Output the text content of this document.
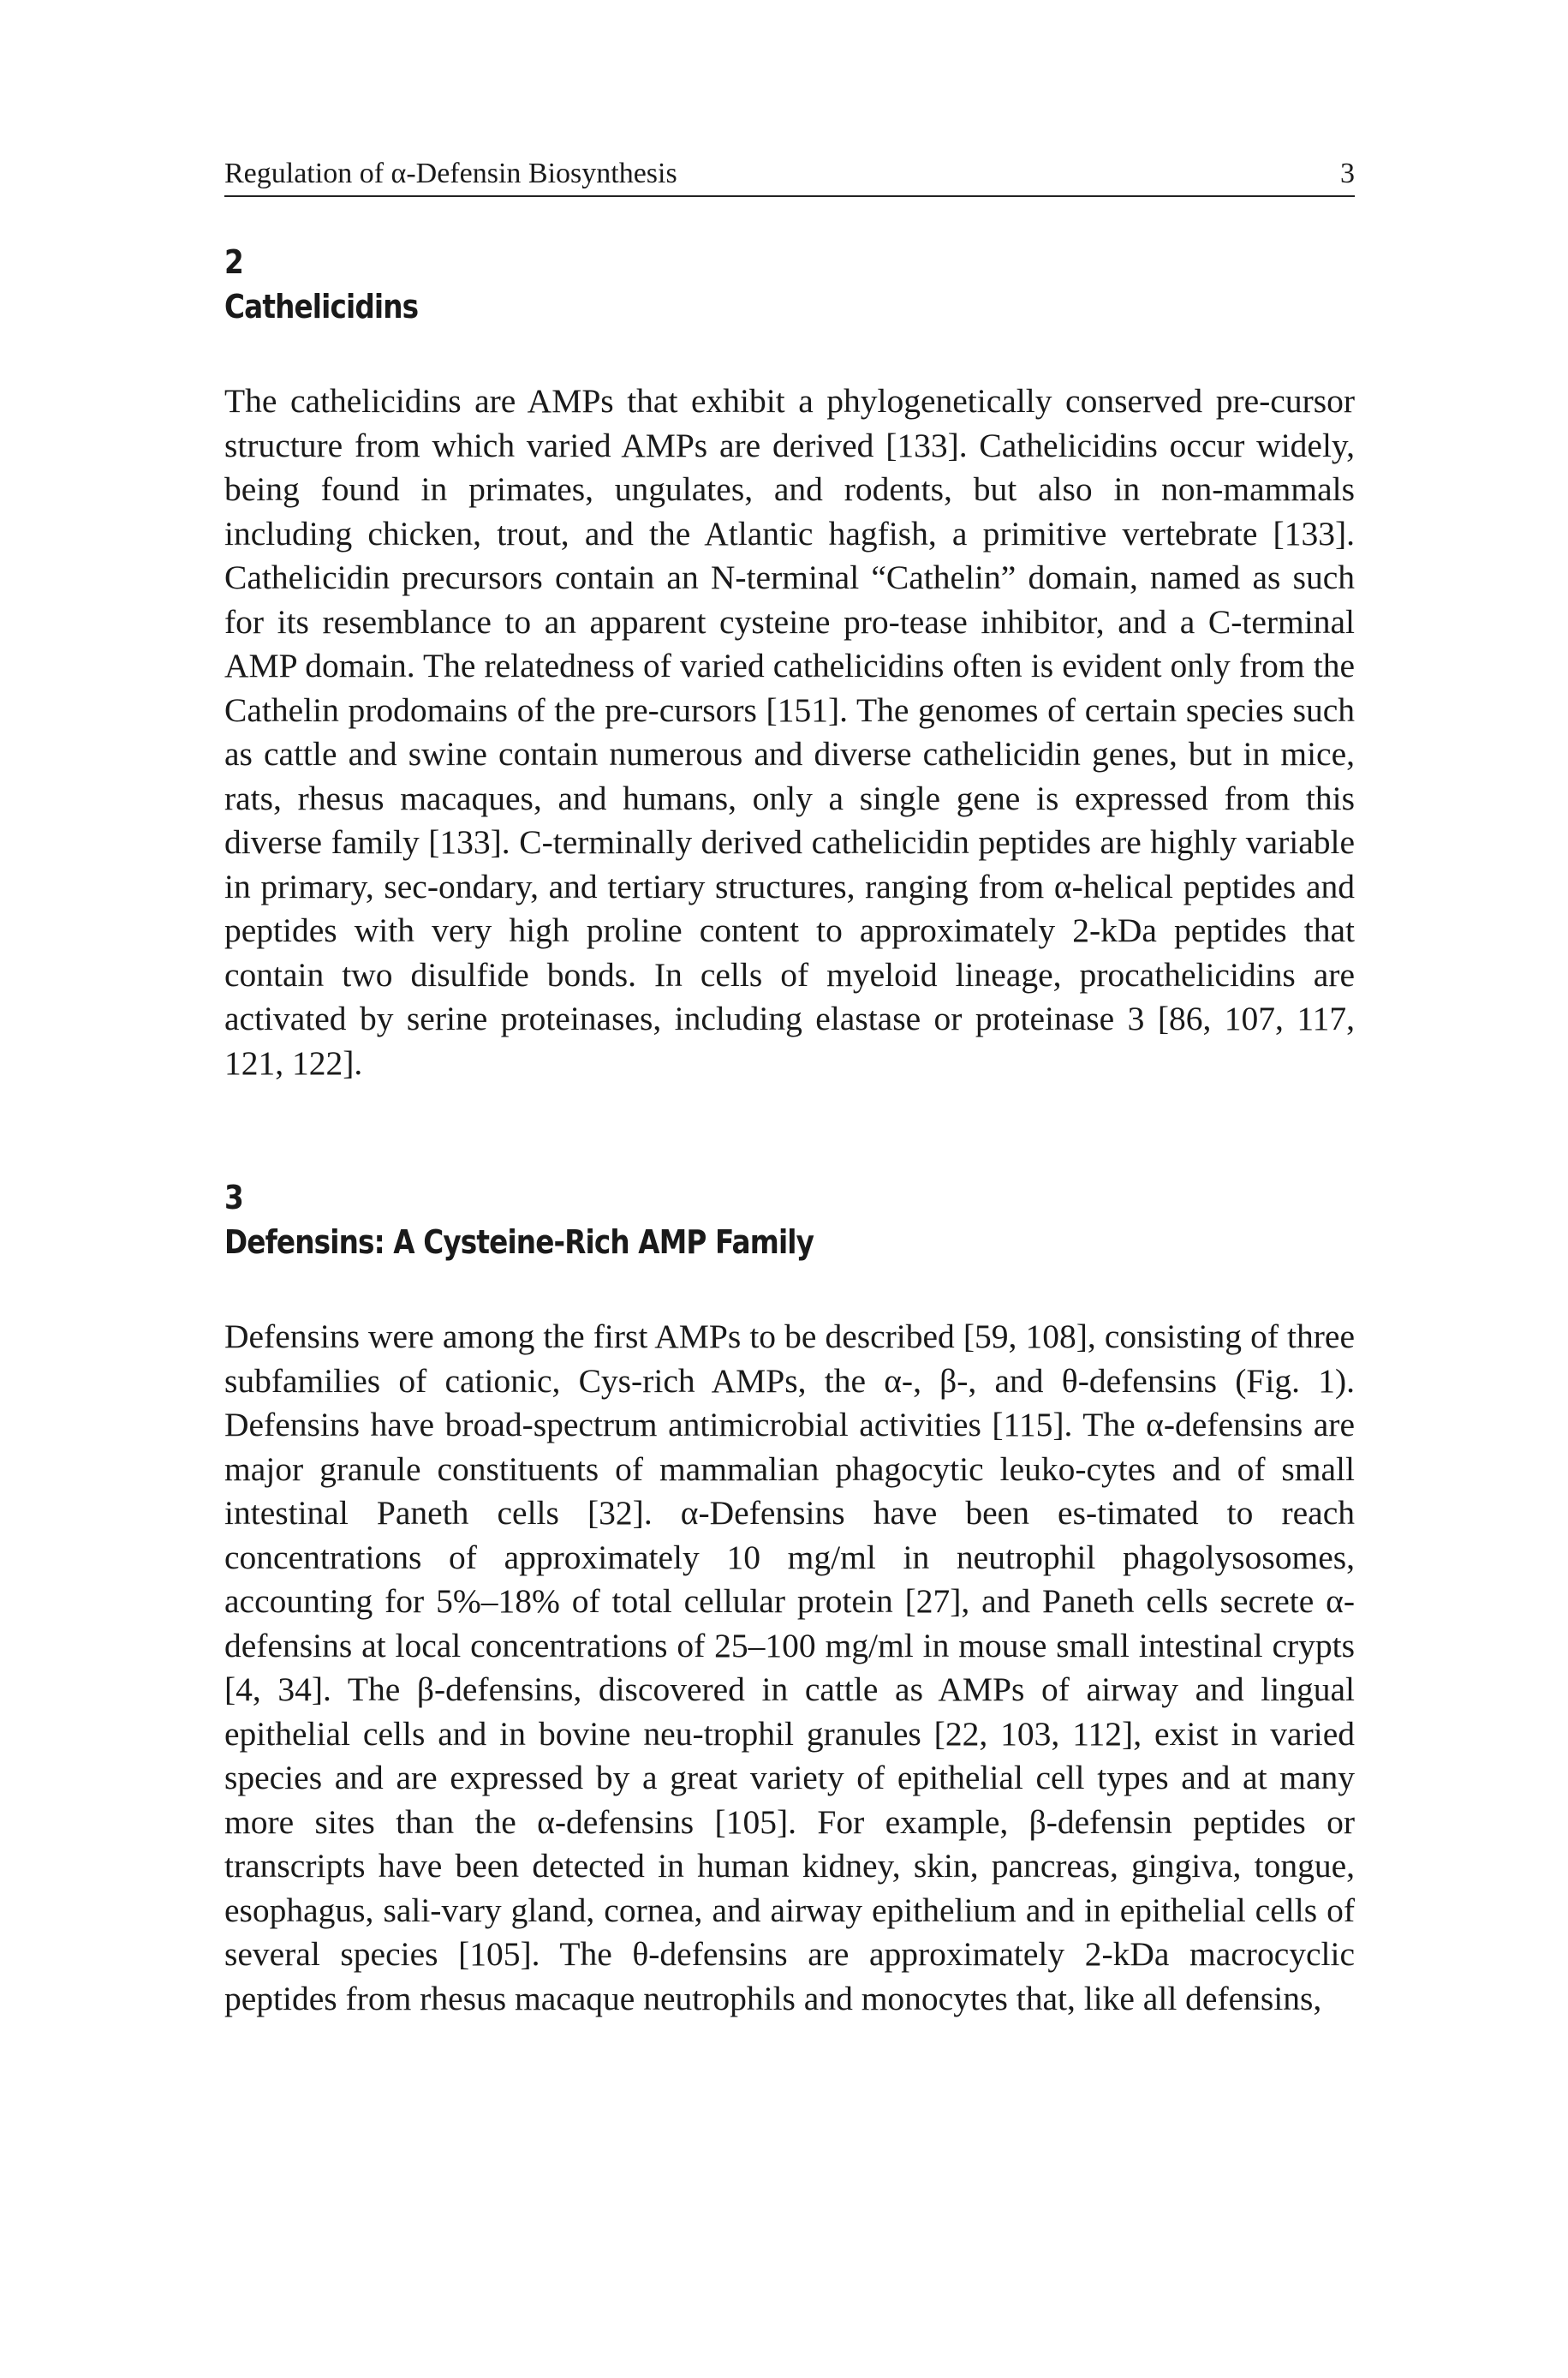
Regulation of α-Defensin Biosynthesis	3
2
Cathelicidins

The cathelicidins are AMPs that exhibit a phylogenetically conserved pre-cursor structure from which varied AMPs are derived [133]. Cathelicidins occur widely, being found in primates, ungulates, and rodents, but also in non-mammals including chicken, trout, and the Atlantic hagfish, a primitive vertebrate [133]. Cathelicidin precursors contain an N-terminal “Cathelin” domain, named as such for its resemblance to an apparent cysteine pro-tease inhibitor, and a C-terminal AMP domain. The relatedness of varied cathelicidins often is evident only from the Cathelin prodomains of the pre-cursors [151]. The genomes of certain species such as cattle and swine contain numerous and diverse cathelicidin genes, but in mice, rats, rhesus macaques, and humans, only a single gene is expressed from this diverse family [133]. C-terminally derived cathelicidin peptides are highly variable in primary, sec-ondary, and tertiary structures, ranging from α-helical peptides and peptides with very high proline content to approximately 2-kDa peptides that contain two disulfide bonds. In cells of myeloid lineage, procathelicidins are activated by serine proteinases, including elastase or proteinase 3 [86, 107, 117, 121, 122].

3
Defensins: A Cysteine-Rich AMP Family

Defensins were among the first AMPs to be described [59, 108], consisting of three subfamilies of cationic, Cys-rich AMPs, the α-, β-, and θ-defensins (Fig. 1). Defensins have broad-spectrum antimicrobial activities [115]. The α-defensins are major granule constituents of mammalian phagocytic leuko-cytes and of small intestinal Paneth cells [32]. α-Defensins have been es-timated to reach concentrations of approximately 10 mg/ml in neutrophil phagolysosomes, accounting for 5%–18% of total cellular protein [27], and Paneth cells secrete α-defensins at local concentrations of 25–100 mg/ml in mouse small intestinal crypts [4, 34]. The β-defensins, discovered in cattle as AMPs of airway and lingual epithelial cells and in bovine neu-trophil granules [22, 103, 112], exist in varied species and are expressed by a great variety of epithelial cell types and at many more sites than the α-defensins [105]. For example, β-defensin peptides or transcripts have been detected in human kidney, skin, pancreas, gingiva, tongue, esophagus, sali-vary gland, cornea, and airway epithelium and in epithelial cells of several species [105]. The θ-defensins are approximately 2-kDa macrocyclic peptides from rhesus macaque neutrophils and monocytes that, like all defensins,
